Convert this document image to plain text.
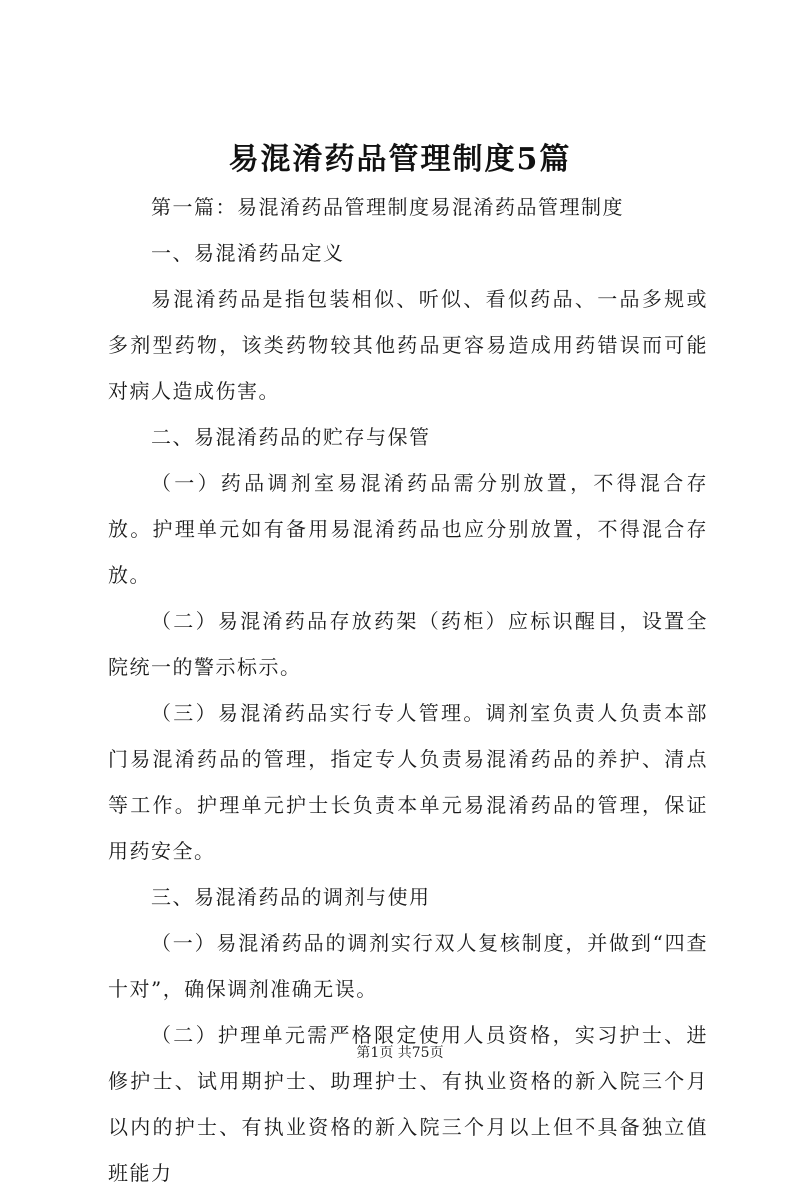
易混淆药品管理制度5篇

第一篇：易混淆药品管理制度易混淆药品管理制度

一、易混淆药品定义

易混淆药品是指包装相似、听似、看似药品、一品多规或多剂型药物，该类药物较其他药品更容易造成用药错误而可能对病人造成伤害。

二、易混淆药品的贮存与保管

（一）药品调剂室易混淆药品需分别放置，不得混合存放。护理单元如有备用易混淆药品也应分别放置，不得混合存放。

（二）易混淆药品存放药架（药柜）应标识醒目，设置全院统一的警示标示。

（三）易混淆药品实行专人管理。调剂室负责人负责本部门易混淆药品的管理，指定专人负责易混淆药品的养护、清点等工作。护理单元护士长负责本单元易混淆药品的管理，保证用药安全。

三、易混淆药品的调剂与使用

（一）易混淆药品的调剂实行双人复核制度，并做到“四查十对”，确保调剂准确无误。

（二）护理单元需严格限定使用人员资格，实习护士、进修护士、试用期护士、助理护士、有执业资格的新入院三个月以内的护士、有执业资格的新入院三个月以上但不具备独立值班能力

第1页 共75页
